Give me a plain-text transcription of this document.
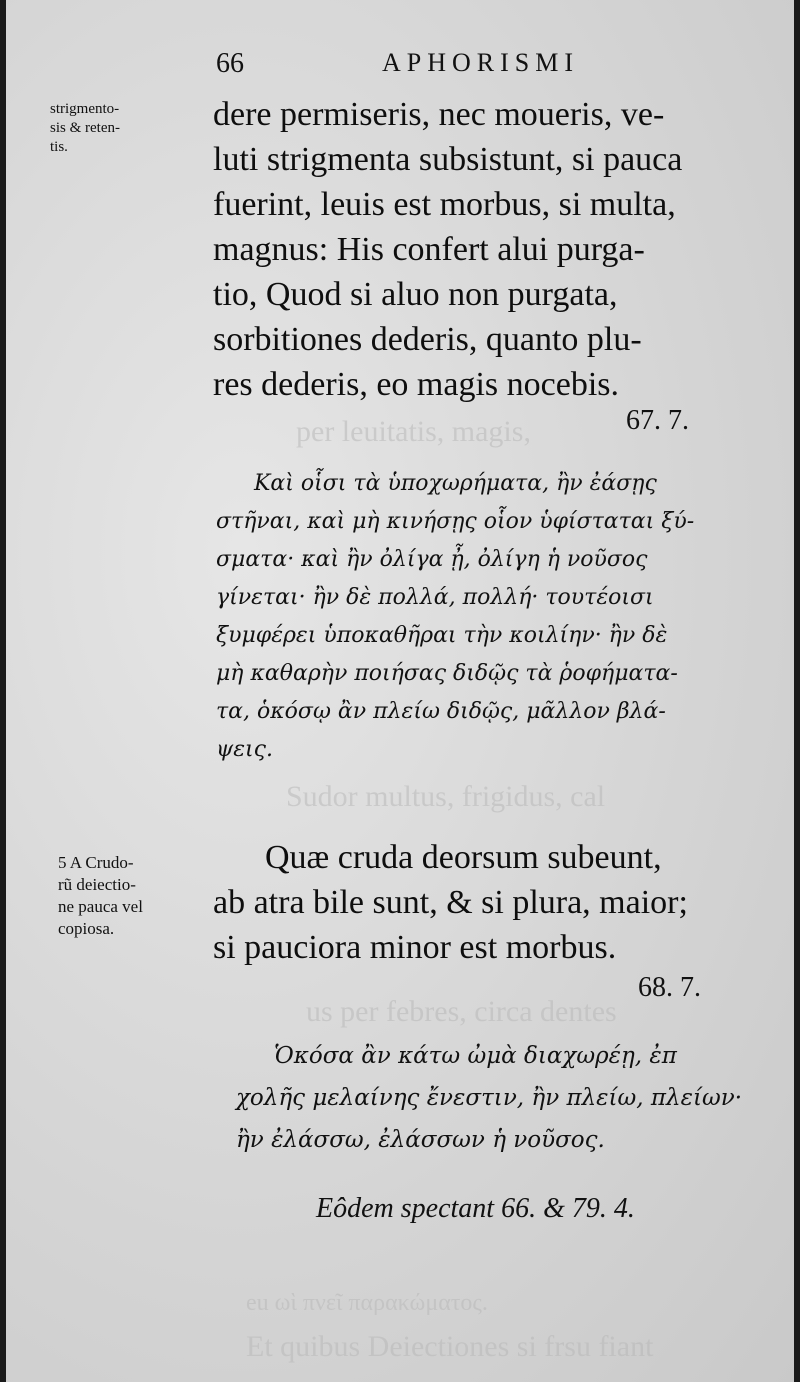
per leuitatis, magis,
Sudor multus, frigidus, cal
us per febres, circa dentes
eu ωὶ πνεῖ παρακώματος.
Et quibus Deiectiones si frsu fiant
66	APHORISMI
strigmento-
sis & reten-
tis.
dere permiseris, nec moueris, ve-
luti strigmenta subsistunt, si pauca
fuerint, leuis est morbus, si multa,
magnus: His confert alui purga-
tio, Quod si aluo non purgata,
sorbitiones dederis, quanto plu-
res dederis, eo magis nocebis.
67. 7.
Καὶ οἷσι τὰ ὑποχωρήματα, ἢν ἐάσῃς
στῆναι, καὶ μὴ κινήσῃς οἷον ὑφίσταται ξύ-
σματα· καὶ ἢν ὀλίγα ᾖ, ὀλίγη ἡ νοῦσος
γίνεται· ἢν δὲ πολλά, πολλή· τουτέοισι
ξυμφέρει ὑποκαθῆραι τὴν κοιλίην· ἢν δὲ
μὴ καθαρὴν ποιήσας διδῷς τὰ ῥοφήματα-
τα, ὁκόσῳ ἂν πλείω διδῷς, μᾶλλον βλά-
ψεις.
5 A Crudo-
rũ deiectio-
ne pauca vel
copiosa.
Quæ cruda deorsum subeunt,
ab atra bile sunt, & si plura, maior;
si pauciora minor est morbus.
68. 7.
Ὁκόσα ἂν κάτω ὠμὰ διαχωρέῃ, ἐπ
χολῆς μελαίνης ἔνεστιν, ἢν πλείω, πλείων·
ἢν ἐλάσσω, ἐλάσσων ἡ νοῦσος.
Eôdem spectant 66. & 79. 4.
